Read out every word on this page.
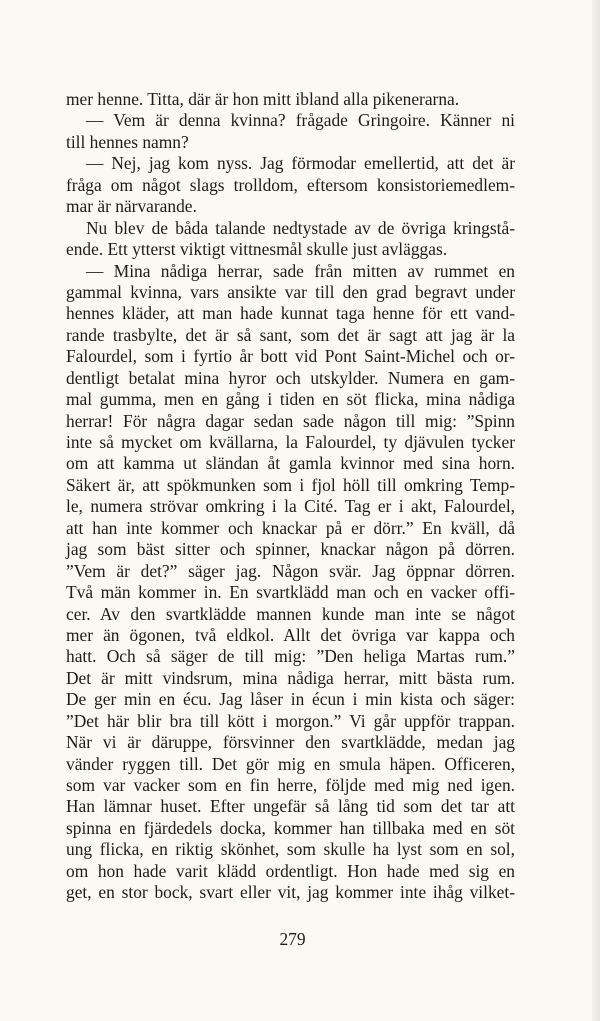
mer henne. Titta, där är hon mitt ibland alla pikenerarna.
— Vem är denna kvinna? frågade Gringoire. Känner ni
till hennes namn?
— Nej, jag kom nyss. Jag förmodar emellertid, att det är
fråga om något slags trolldom, eftersom konsistoriemedlem-
mar är närvarande.
Nu blev de båda talande nedtystade av de övriga kringstå-
ende. Ett ytterst viktigt vittnesmål skulle just avläggas.
— Mina nådiga herrar, sade från mitten av rummet en
gammal kvinna, vars ansikte var till den grad begravt under
hennes kläder, att man hade kunnat taga henne för ett vand-
rande trasbylte, det är så sant, som det är sagt att jag är la
Falourdel, som i fyrtio år bott vid Pont Saint-Michel och or-
dentligt betalat mina hyror och utskylder. Numera en gam-
mal gumma, men en gång i tiden en söt flicka, mina nådiga
herrar! För några dagar sedan sade någon till mig: ”Spinn
inte så mycket om kvällarna, la Falourdel, ty djävulen tycker
om att kamma ut sländan åt gamla kvinnor med sina horn.
Säkert är, att spökmunken som i fjol höll till omkring Temp-
le, numera strövar omkring i la Cité. Tag er i akt, Falourdel,
att han inte kommer och knackar på er dörr.” En kväll, då
jag som bäst sitter och spinner, knackar någon på dörren.
”Vem är det?” säger jag. Någon svär. Jag öppnar dörren.
Två män kommer in. En svartklädd man och en vacker offi-
cer. Av den svartklädde mannen kunde man inte se något
mer än ögonen, två eldkol. Allt det övriga var kappa och
hatt. Och så säger de till mig: ”Den heliga Martas rum.”
Det är mitt vindsrum, mina nådiga herrar, mitt bästa rum.
De ger min en écu. Jag låser in écun i min kista och säger:
”Det här blir bra till kött i morgon.” Vi går uppför trappan.
När vi är däruppe, försvinner den svartklädde, medan jag
vänder ryggen till. Det gör mig en smula häpen. Officeren,
som var vacker som en fin herre, följde med mig ned igen.
Han lämnar huset. Efter ungefär så lång tid som det tar att
spinna en fjärdedels docka, kommer han tillbaka med en söt
ung flicka, en riktig skönhet, som skulle ha lyst som en sol,
om hon hade varit klädd ordentligt. Hon hade med sig en
get, en stor bock, svart eller vit, jag kommer inte ihåg vilket-
279
